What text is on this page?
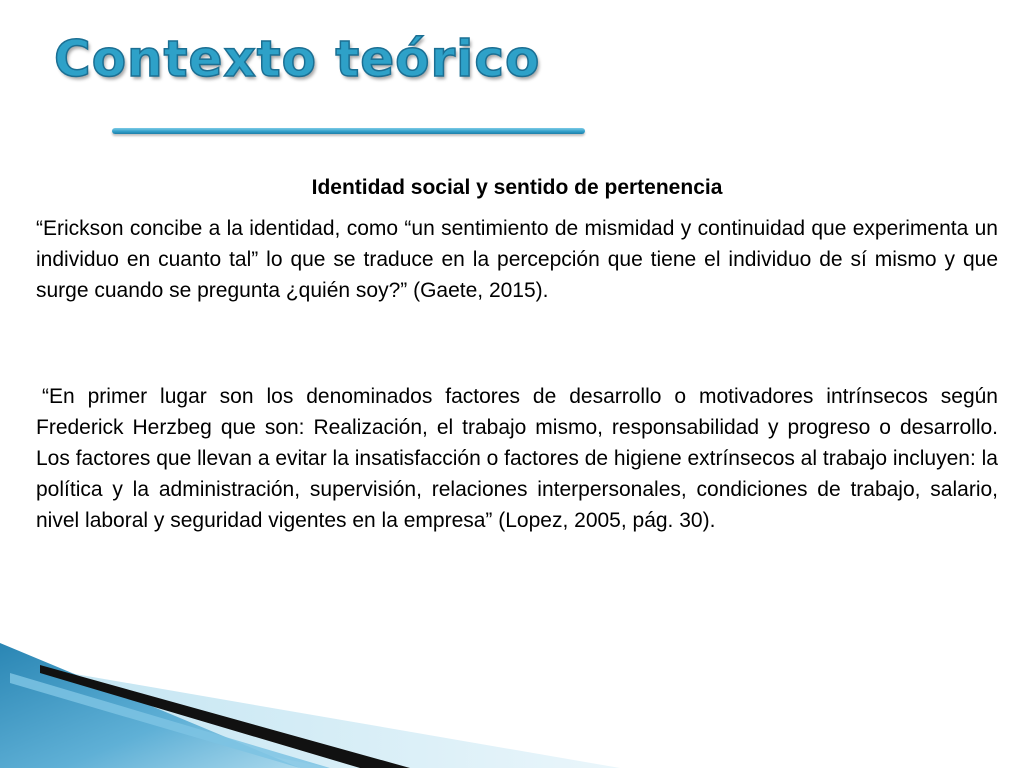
Contexto teórico

Identidad social y sentido de pertenencia

“Erickson concibe a la identidad, como “un sentimiento de mismidad y continuidad que experimenta un individuo en cuanto tal” lo que se traduce en la percepción que tiene el individuo de sí mismo y que surge cuando se pregunta ¿quién soy?” (Gaete, 2015).

“En primer lugar son los denominados factores de desarrollo o motivadores intrínsecos según Frederick Herzbeg que son: Realización, el trabajo mismo, responsabilidad y progreso o desarrollo. Los factores que llevan a evitar la insatisfacción o factores de higiene extrínsecos al trabajo incluyen: la política y la administración, supervisión, relaciones interpersonales, condiciones de trabajo, salario, nivel laboral y seguridad vigentes en la empresa” (Lopez, 2005, pág. 30).
